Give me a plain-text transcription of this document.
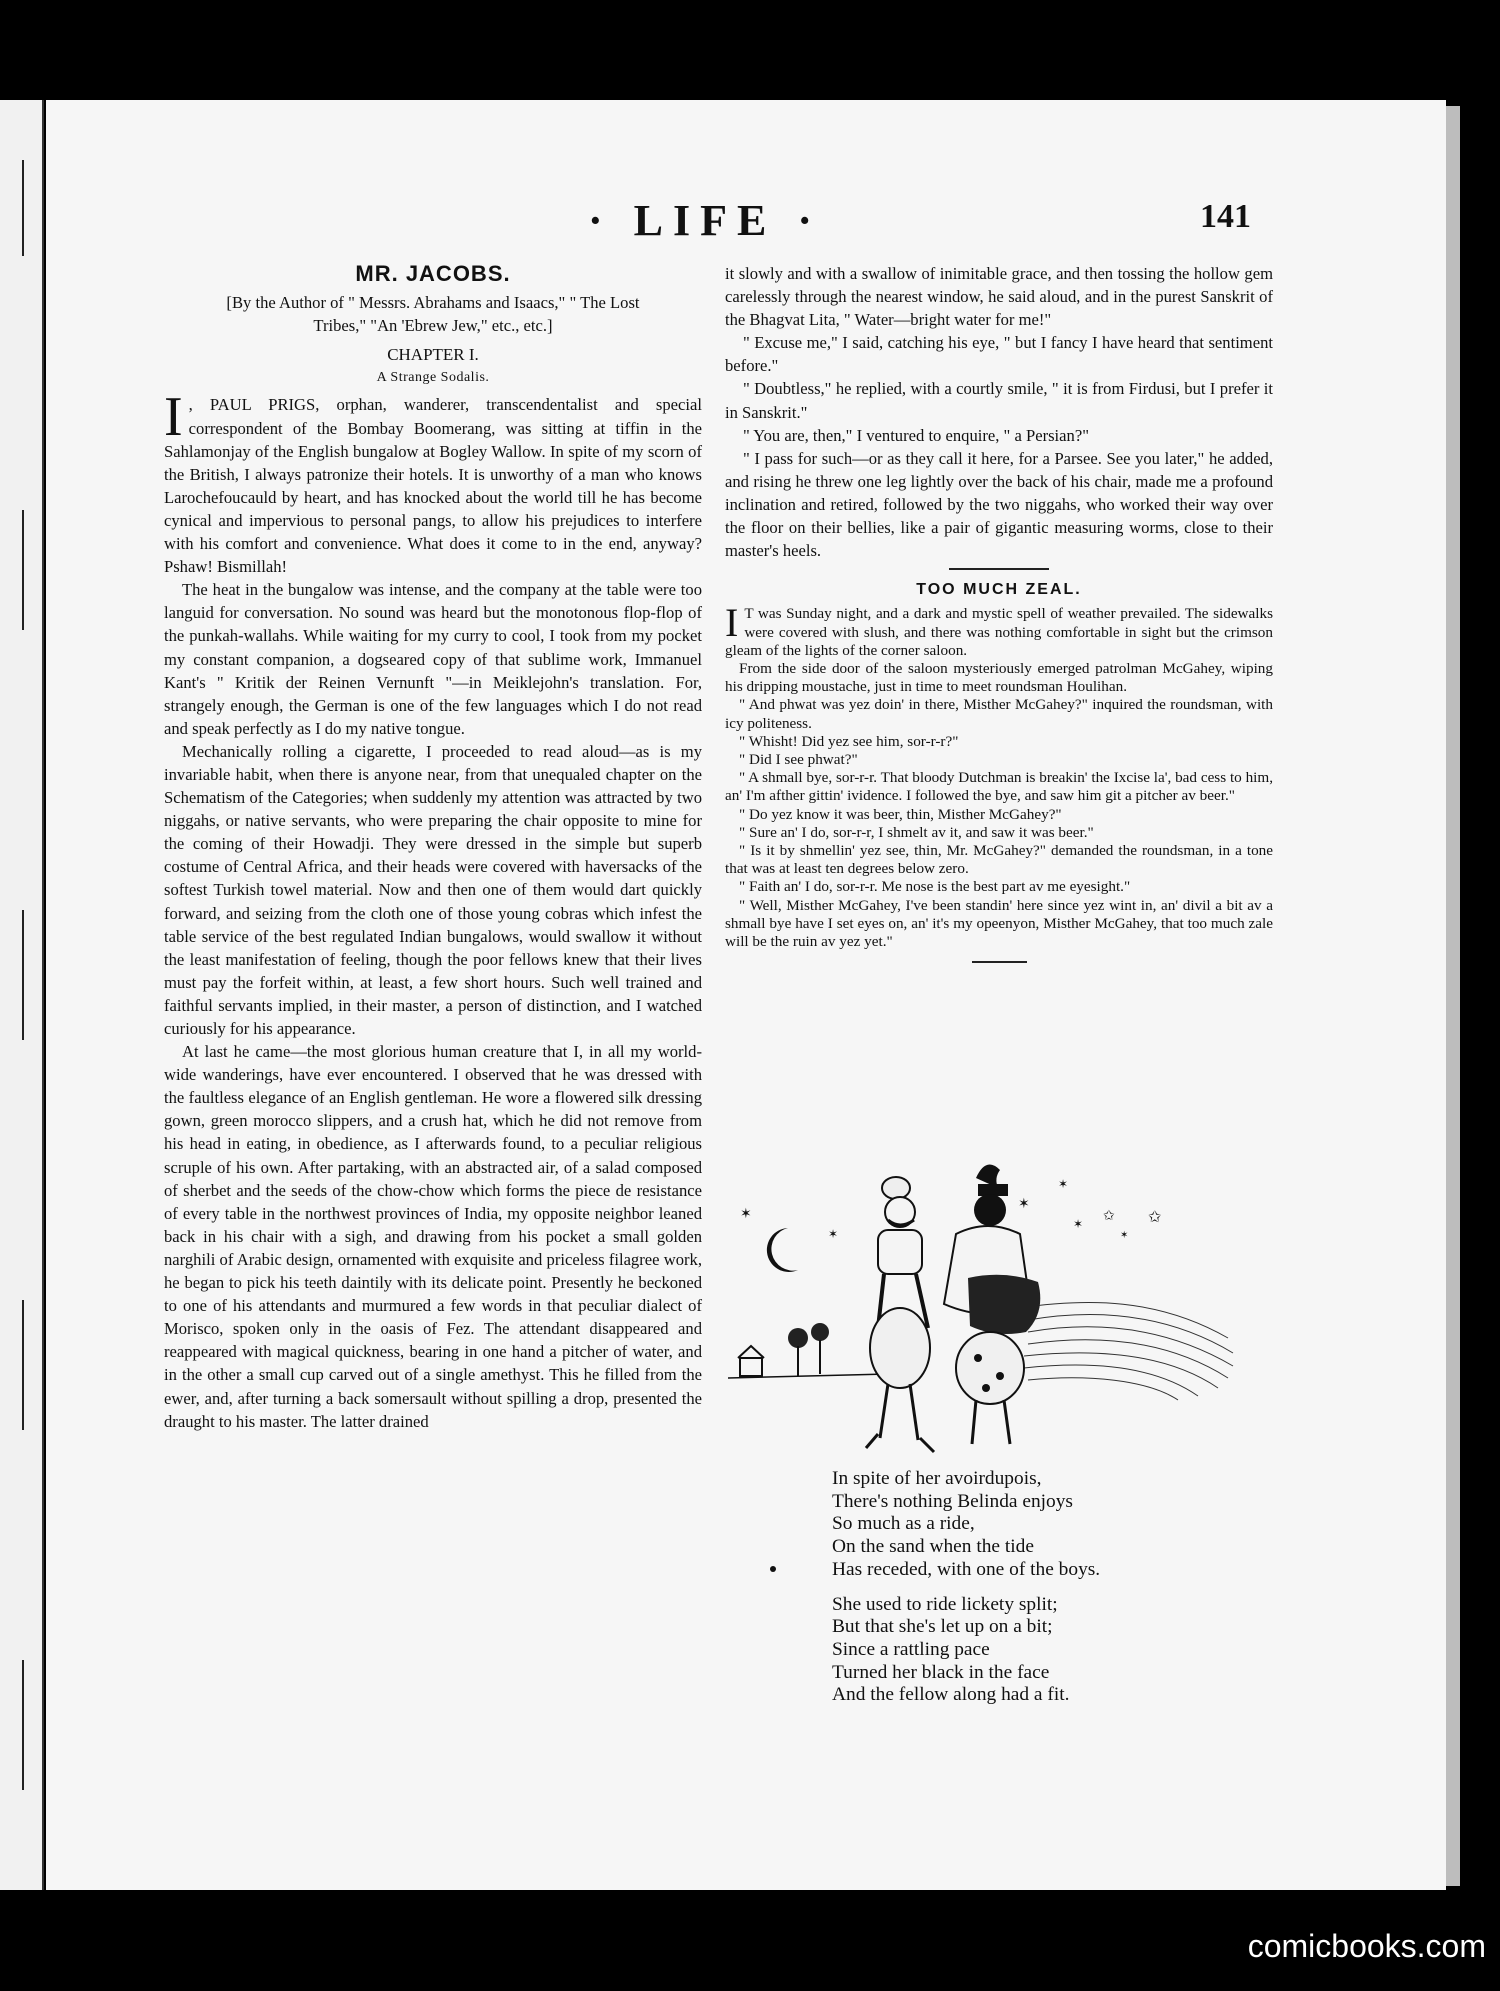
· LIFE ·	141
MR. JACOBS.
[By the Author of " Messrs. Abrahams and Isaacs," " The Lost
Tribes," "An 'Ebrew Jew," etc., etc.]
CHAPTER I.
A Strange Sodalis.

I , PAUL PRIGS, orphan, wanderer, transcendentalist and special correspondent of the Bombay Boomerang, was sitting at tiffin in the Sahlamonjay of the English bungalow at Bogley Wallow. In spite of my scorn of the British, I always patronize their hotels. It is unworthy of a man who knows Larochefoucauld by heart, and has knocked about the world till he has become cynical and impervious to personal pangs, to allow his prejudices to interfere with his comfort and convenience. What does it come to in the end, anyway? Pshaw! Bismillah!

The heat in the bungalow was intense, and the company at the table were too languid for conversation. No sound was heard but the monotonous flop-flop of the punkah-wallahs. While waiting for my curry to cool, I took from my pocket my constant companion, a dogseared copy of that sublime work, Immanuel Kant's " Kritik der Reinen Vernunft "—in Meiklejohn's translation. For, strangely enough, the German is one of the few languages which I do not read and speak perfectly as I do my native tongue.

Mechanically rolling a cigarette, I proceeded to read aloud—as is my invariable habit, when there is anyone near, from that unequaled chapter on the Schematism of the Categories; when suddenly my attention was attracted by two niggahs, or native servants, who were preparing the chair opposite to mine for the coming of their Howadji. They were dressed in the simple but superb costume of Central Africa, and their heads were covered with haversacks of the softest Turkish towel material. Now and then one of them would dart quickly forward, and seizing from the cloth one of those young cobras which infest the table service of the best regulated Indian bungalows, would swallow it without the least manifestation of feeling, though the poor fellows knew that their lives must pay the forfeit within, at least, a few short hours. Such well trained and faithful servants implied, in their master, a person of distinction, and I watched curiously for his appearance.

At last he came—the most glorious human creature that I, in all my world-wide wanderings, have ever encountered. I observed that he was dressed with the faultless elegance of an English gentleman. He wore a flowered silk dressing gown, green morocco slippers, and a crush hat, which he did not remove from his head in eating, in obedience, as I afterwards found, to a peculiar religious scruple of his own. After partaking, with an abstracted air, of a salad composed of sherbet and the seeds of the chow-chow which forms the piece de resistance of every table in the northwest provinces of India, my opposite neighbor leaned back in his chair with a sigh, and drawing from his pocket a small golden narghili of Arabic design, ornamented with exquisite and priceless filagree work, he began to pick his teeth daintily with its delicate point. Presently he beckoned to one of his attendants and murmured a few words in that peculiar dialect of Morisco, spoken only in the oasis of Fez. The attendant disappeared and reappeared with magical quickness, bearing in one hand a pitcher of water, and in the other a small cup carved out of a single amethyst. This he filled from the ewer, and, after turning a back somersault without spilling a drop, presented the draught to his master. The latter drained

it slowly and with a swallow of inimitable grace, and then tossing the hollow gem carelessly through the nearest window, he said aloud, and in the purest Sanskrit of the Bhagvat Lita, " Water—bright water for me!"

" Excuse me," I said, catching his eye, " but I fancy I have heard that sentiment before."

" Doubtless," he replied, with a courtly smile, " it is from Firdusi, but I prefer it in Sanskrit."

" You are, then," I ventured to enquire, " a Persian?"

" I pass for such—or as they call it here, for a Parsee. See you later," he added, and rising he threw one leg lightly over the back of his chair, made me a profound inclination and retired, followed by the two niggahs, who worked their way over the floor on their bellies, like a pair of gigantic measuring worms, close to their master's heels.

TOO MUCH ZEAL.

I T was Sunday night, and a dark and mystic spell of weather prevailed. The sidewalks were covered with slush, and there was nothing comfortable in sight but the crimson gleam of the lights of the corner saloon.

From the side door of the saloon mysteriously emerged patrolman McGahey, wiping his dripping moustache, just in time to meet roundsman Houlihan.

" And phwat was yez doin' in there, Misther McGahey?" inquired the roundsman, with icy politeness.

" Whisht! Did yez see him, sor-r-r?"

" Did I see phwat?"

" A shmall bye, sor-r-r. That bloody Dutchman is breakin' the Ixcise la', bad cess to him, an' I'm afther gittin' ividence. I followed the bye, and saw him git a pitcher av beer."

" Do yez know it was beer, thin, Misther McGahey?"

" Sure an' I do, sor-r-r, I shmelt av it, and saw it was beer."

" Is it by shmellin' yez see, thin, Mr. McGahey?" demanded the roundsman, in a tone that was at least ten degrees below zero.

" Faith an' I do, sor-r-r. Me nose is the best part av me eyesight."

" Well, Misther McGahey, I've been standin' here since yez wint in, an' divil a bit av a shmall bye have I set eyes on, an' it's my opeenyon, Misther McGahey, that too much zale will be the ruin av yez yet."

✶
✶
✶
✶
✶ ✩ ✩
✶
In spite of her avoirdupois,
There's nothing Belinda enjoys
So much as a ride,
On the sand when the tide
Has receded, with one of the boys.
She used to ride lickety split;
But that she's let up on a bit;
Since a rattling pace
Turned her black in the face
And the fellow along had a fit.
comicbooks.com
